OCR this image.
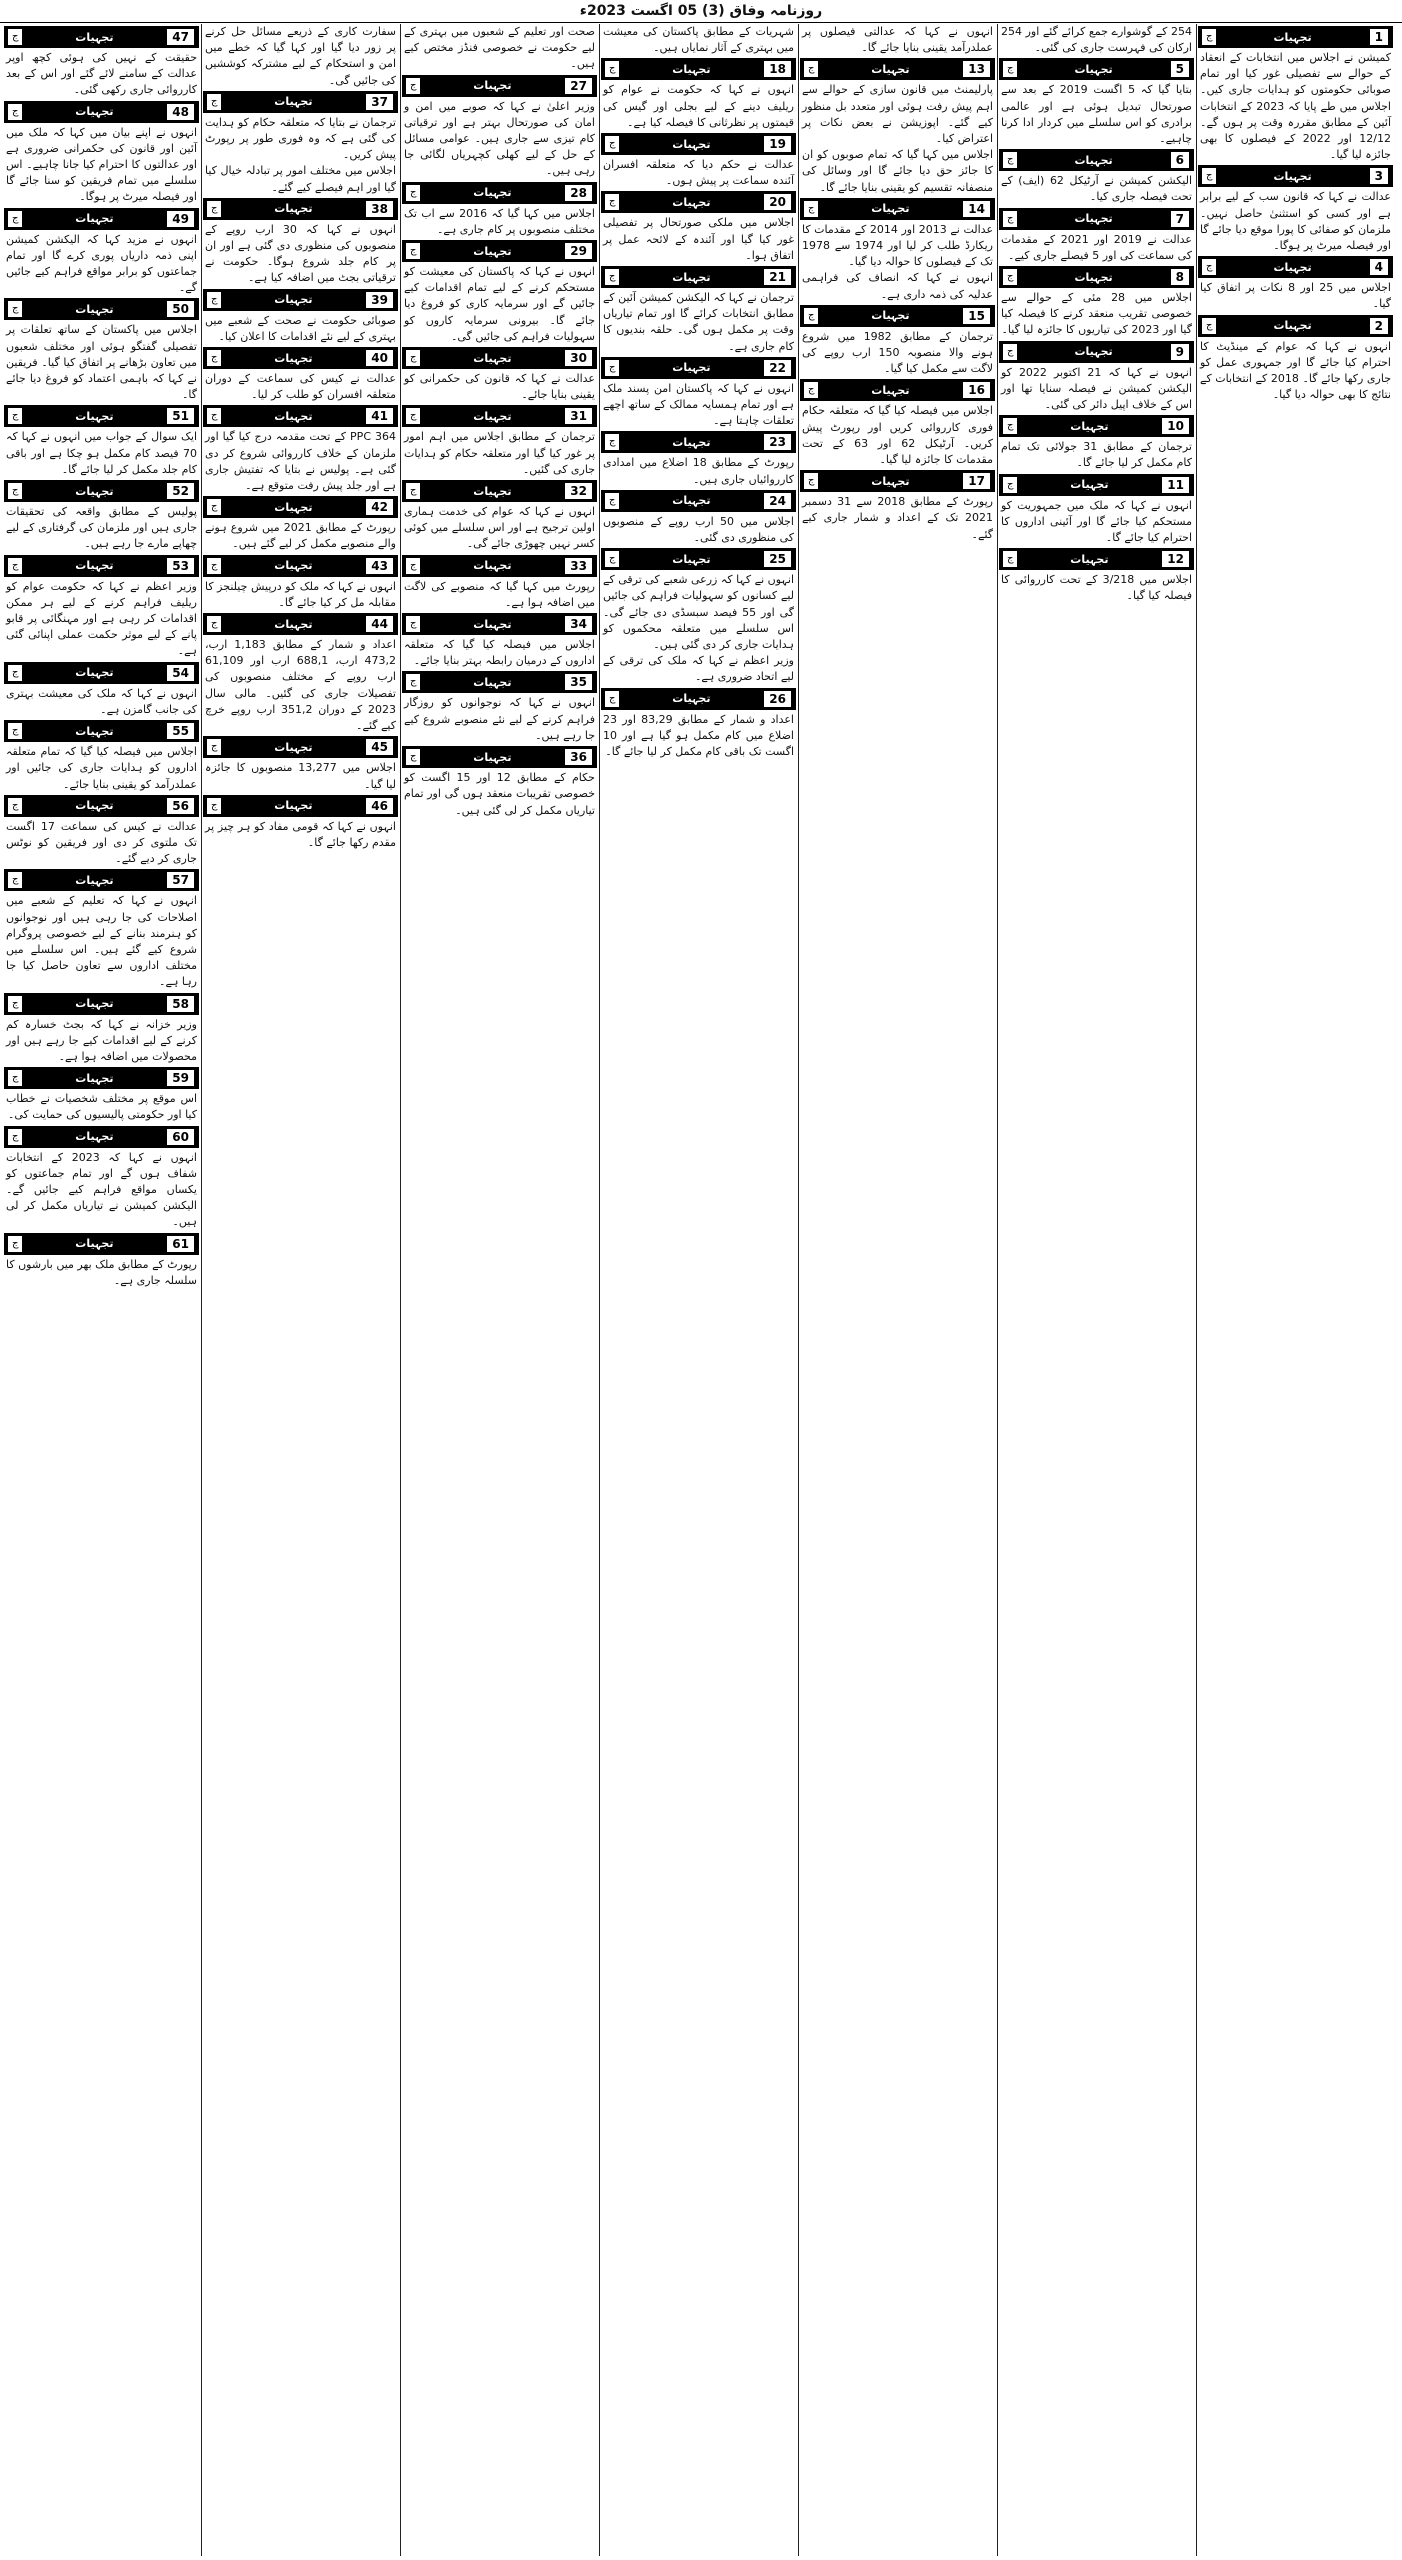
روزنامہ وفاق (3) 05 اگست 2023ء
47
تجہیات
ج

حقیقت کے نہیں کی ہوئی کچھ اوپر عدالت کے سامنے لائے گئے اور اس کے بعد کارروائی جاری رکھی گئی۔

48
تجہیات
ج

انہوں نے اپنے بیان میں کہا کہ ملک میں آئین اور قانون کی حکمرانی ضروری ہے اور عدالتوں کا احترام کیا جانا چاہیے۔ اس سلسلے میں تمام فریقین کو سنا جائے گا اور فیصلہ میرٹ پر ہوگا۔

49
تجہیات
ج

انہوں نے مزید کہا کہ الیکشن کمیشن اپنی ذمہ داریاں پوری کرے گا اور تمام جماعتوں کو برابر مواقع فراہم کیے جائیں گے۔

50
تجہیات
ج

اجلاس میں پاکستان کے ساتھ تعلقات پر تفصیلی گفتگو ہوئی اور مختلف شعبوں میں تعاون بڑھانے پر اتفاق کیا گیا۔ فریقین نے کہا کہ باہمی اعتماد کو فروغ دیا جائے گا۔

51
تجہیات
ج

ایک سوال کے جواب میں انہوں نے کہا کہ 70 فیصد کام مکمل ہو چکا ہے اور باقی کام جلد مکمل کر لیا جائے گا۔

52
تجہیات
ج

پولیس کے مطابق واقعہ کی تحقیقات جاری ہیں اور ملزمان کی گرفتاری کے لیے چھاپے مارے جا رہے ہیں۔

53
تجہیات
ج

وزیر اعظم نے کہا کہ حکومت عوام کو ریلیف فراہم کرنے کے لیے ہر ممکن اقدامات کر رہی ہے اور مہنگائی پر قابو پانے کے لیے موثر حکمت عملی اپنائی گئی ہے۔

54
تجہیات
ج

انہوں نے کہا کہ ملک کی معیشت بہتری کی جانب گامزن ہے۔

55
تجہیات
ج

اجلاس میں فیصلہ کیا گیا کہ تمام متعلقہ اداروں کو ہدایات جاری کی جائیں اور عملدرآمد کو یقینی بنایا جائے۔

56
تجہیات
ج

عدالت نے کیس کی سماعت 17 اگست تک ملتوی کر دی اور فریقین کو نوٹس جاری کر دیے گئے۔

57
تجہیات
ج

انہوں نے کہا کہ تعلیم کے شعبے میں اصلاحات کی جا رہی ہیں اور نوجوانوں کو ہنرمند بنانے کے لیے خصوصی پروگرام شروع کیے گئے ہیں۔ اس سلسلے میں مختلف اداروں سے تعاون حاصل کیا جا رہا ہے۔

58
تجہیات
ج

وزیر خزانہ نے کہا کہ بجٹ خسارہ کم کرنے کے لیے اقدامات کیے جا رہے ہیں اور محصولات میں اضافہ ہوا ہے۔

59
تجہیات
ج

اس موقع پر مختلف شخصیات نے خطاب کیا اور حکومتی پالیسیوں کی حمایت کی۔

60
تجہیات
ج

انہوں نے کہا کہ 2023 کے انتخابات شفاف ہوں گے اور تمام جماعتوں کو یکساں مواقع فراہم کیے جائیں گے۔ الیکشن کمیشن نے تیاریاں مکمل کر لی ہیں۔

61
تجہیات
ج

رپورٹ کے مطابق ملک بھر میں بارشوں کا سلسلہ جاری ہے۔

سفارت کاری کے ذریعے مسائل حل کرنے پر زور دیا گیا اور کہا گیا کہ خطے میں امن و استحکام کے لیے مشترکہ کوششیں کی جائیں گی۔

37
تجہیات
ج

ترجمان نے بتایا کہ متعلقہ حکام کو ہدایت کی گئی ہے کہ وہ فوری طور پر رپورٹ پیش کریں۔

اجلاس میں مختلف امور پر تبادلہ خیال کیا گیا اور اہم فیصلے کیے گئے۔

38
تجہیات
ج

انہوں نے کہا کہ 30 ارب روپے کے منصوبوں کی منظوری دی گئی ہے اور ان پر کام جلد شروع ہوگا۔ حکومت نے ترقیاتی بجٹ میں اضافہ کیا ہے۔

39
تجہیات
ج

صوبائی حکومت نے صحت کے شعبے میں بہتری کے لیے نئے اقدامات کا اعلان کیا۔

40
تجہیات
ج

عدالت نے کیس کی سماعت کے دوران متعلقہ افسران کو طلب کر لیا۔

41
تجہیات
ج

PPC 364 کے تحت مقدمہ درج کیا گیا اور ملزمان کے خلاف کارروائی شروع کر دی گئی ہے۔ پولیس نے بتایا کہ تفتیش جاری ہے اور جلد پیش رفت متوقع ہے۔

42
تجہیات
ج

رپورٹ کے مطابق 2021 میں شروع ہونے والے منصوبے مکمل کر لیے گئے ہیں۔

43
تجہیات
ج

انہوں نے کہا کہ ملک کو درپیش چیلنجز کا مقابلہ مل کر کیا جائے گا۔

44
تجہیات
ج

اعداد و شمار کے مطابق 1,183 ارب، 473,2 ارب، 688,1 ارب اور 61,109 ارب روپے کے مختلف منصوبوں کی تفصیلات جاری کی گئیں۔ مالی سال 2023 کے دوران 351,2 ارب روپے خرچ کیے گئے۔

45
تجہیات
ج

اجلاس میں 13,277 منصوبوں کا جائزہ لیا گیا۔

46
تجہیات
ج

انہوں نے کہا کہ قومی مفاد کو ہر چیز پر مقدم رکھا جائے گا۔

صحت اور تعلیم کے شعبوں میں بہتری کے لیے حکومت نے خصوصی فنڈز مختص کیے ہیں۔

27
تجہیات
ج

وزیر اعلیٰ نے کہا کہ صوبے میں امن و امان کی صورتحال بہتر ہے اور ترقیاتی کام تیزی سے جاری ہیں۔ عوامی مسائل کے حل کے لیے کھلی کچہریاں لگائی جا رہی ہیں۔

28
تجہیات
ج

اجلاس میں کہا گیا کہ 2016 سے اب تک مختلف منصوبوں پر کام جاری ہے۔

29
تجہیات
ج

انہوں نے کہا کہ پاکستان کی معیشت کو مستحکم کرنے کے لیے تمام اقدامات کیے جائیں گے اور سرمایہ کاری کو فروغ دیا جائے گا۔ بیرونی سرمایہ کاروں کو سہولیات فراہم کی جائیں گی۔

30
تجہیات
ج

عدالت نے کہا کہ قانون کی حکمرانی کو یقینی بنایا جائے۔

31
تجہیات
ج

ترجمان کے مطابق اجلاس میں اہم امور پر غور کیا گیا اور متعلقہ حکام کو ہدایات جاری کی گئیں۔

32
تجہیات
ج

انہوں نے کہا کہ عوام کی خدمت ہماری اولین ترجیح ہے اور اس سلسلے میں کوئی کسر نہیں چھوڑی جائے گی۔

33
تجہیات
ج

رپورٹ میں کہا گیا کہ منصوبے کی لاگت میں اضافہ ہوا ہے۔

34
تجہیات
ج

اجلاس میں فیصلہ کیا گیا کہ متعلقہ اداروں کے درمیان رابطہ بہتر بنایا جائے۔

35
تجہیات
ج

انہوں نے کہا کہ نوجوانوں کو روزگار فراہم کرنے کے لیے نئے منصوبے شروع کیے جا رہے ہیں۔

36
تجہیات
ج

حکام کے مطابق 12 اور 15 اگست کو خصوصی تقریبات منعقد ہوں گی اور تمام تیاریاں مکمل کر لی گئی ہیں۔

شہریات کے مطابق پاکستان کی معیشت میں بہتری کے آثار نمایاں ہیں۔

18
تجہیات
ج

انہوں نے کہا کہ حکومت نے عوام کو ریلیف دینے کے لیے بجلی اور گیس کی قیمتوں پر نظرثانی کا فیصلہ کیا ہے۔

19
تجہیات
ج

عدالت نے حکم دیا کہ متعلقہ افسران آئندہ سماعت پر پیش ہوں۔

20
تجہیات
ج

اجلاس میں ملکی صورتحال پر تفصیلی غور کیا گیا اور آئندہ کے لائحہ عمل پر اتفاق ہوا۔

21
تجہیات
ج

ترجمان نے کہا کہ الیکشن کمیشن آئین کے مطابق انتخابات کرائے گا اور تمام تیاریاں وقت پر مکمل ہوں گی۔ حلقہ بندیوں کا کام جاری ہے۔

22
تجہیات
ج

انہوں نے کہا کہ پاکستان امن پسند ملک ہے اور تمام ہمسایہ ممالک کے ساتھ اچھے تعلقات چاہتا ہے۔

23
تجہیات
ج

رپورٹ کے مطابق 18 اضلاع میں امدادی کارروائیاں جاری ہیں۔

24
تجہیات
ج

اجلاس میں 50 ارب روپے کے منصوبوں کی منظوری دی گئی۔

25
تجہیات
ج

انہوں نے کہا کہ زرعی شعبے کی ترقی کے لیے کسانوں کو سہولیات فراہم کی جائیں گی اور 55 فیصد سبسڈی دی جائے گی۔ اس سلسلے میں متعلقہ محکموں کو ہدایات جاری کر دی گئی ہیں۔

وزیر اعظم نے کہا کہ ملک کی ترقی کے لیے اتحاد ضروری ہے۔

26
تجہیات
ج

اعداد و شمار کے مطابق 83,29 اور 23 اضلاع میں کام مکمل ہو گیا ہے اور 10 اگست تک باقی کام مکمل کر لیا جائے گا۔

انہوں نے کہا کہ عدالتی فیصلوں پر عملدرآمد یقینی بنایا جائے گا۔

13
تجہیات
ج

پارلیمنٹ میں قانون سازی کے حوالے سے اہم پیش رفت ہوئی اور متعدد بل منظور کیے گئے۔ اپوزیشن نے بعض نکات پر اعتراض کیا۔

اجلاس میں کہا گیا کہ تمام صوبوں کو ان کا جائز حق دیا جائے گا اور وسائل کی منصفانہ تقسیم کو یقینی بنایا جائے گا۔

14
تجہیات
ج

عدالت نے 2013 اور 2014 کے مقدمات کا ریکارڈ طلب کر لیا اور 1974 سے 1978 تک کے فیصلوں کا حوالہ دیا گیا۔

انہوں نے کہا کہ انصاف کی فراہمی عدلیہ کی ذمہ داری ہے۔

15
تجہیات
ج

ترجمان کے مطابق 1982 میں شروع ہونے والا منصوبہ 150 ارب روپے کی لاگت سے مکمل کیا گیا۔

16
تجہیات
ج

اجلاس میں فیصلہ کیا گیا کہ متعلقہ حکام فوری کارروائی کریں اور رپورٹ پیش کریں۔ آرٹیکل 62 اور 63 کے تحت مقدمات کا جائزہ لیا گیا۔

17
تجہیات
ج

رپورٹ کے مطابق 2018 سے 31 دسمبر 2021 تک کے اعداد و شمار جاری کیے گئے۔

254 کے گوشوارے جمع کرائے گئے اور 254 ارکان کی فہرست جاری کی گئی۔

5
تجہیات
ج

بتایا گیا کہ 5 اگست 2019 کے بعد سے صورتحال تبدیل ہوئی ہے اور عالمی برادری کو اس سلسلے میں کردار ادا کرنا چاہیے۔

6
تجہیات
ج

الیکشن کمیشن نے آرٹیکل 62 (ایف) کے تحت فیصلہ جاری کیا۔

7
تجہیات
ج

عدالت نے 2019 اور 2021 کے مقدمات کی سماعت کی اور 5 فیصلے جاری کیے۔

8
تجہیات
ج

اجلاس میں 28 مئی کے حوالے سے خصوصی تقریب منعقد کرنے کا فیصلہ کیا گیا اور 2023 کی تیاریوں کا جائزہ لیا گیا۔

9
تجہیات
ج

انہوں نے کہا کہ 21 اکتوبر 2022 کو الیکشن کمیشن نے فیصلہ سنایا تھا اور اس کے خلاف اپیل دائر کی گئی۔

10
تجہیات
ج

ترجمان کے مطابق 31 جولائی تک تمام کام مکمل کر لیا جائے گا۔

11
تجہیات
ج

انہوں نے کہا کہ ملک میں جمہوریت کو مستحکم کیا جائے گا اور آئینی اداروں کا احترام کیا جائے گا۔

12
تجہیات
ج

اجلاس میں 3/218 کے تحت کارروائی کا فیصلہ کیا گیا۔

1
تجہیات
ج

کمیشن نے اجلاس میں انتخابات کے انعقاد کے حوالے سے تفصیلی غور کیا اور تمام صوبائی حکومتوں کو ہدایات جاری کیں۔ اجلاس میں طے پایا کہ 2023 کے انتخابات آئین کے مطابق مقررہ وقت پر ہوں گے۔ 12/12 اور 2022 کے فیصلوں کا بھی جائزہ لیا گیا۔

3
تجہیات
ج

عدالت نے کہا کہ قانون سب کے لیے برابر ہے اور کسی کو استثنیٰ حاصل نہیں۔ ملزمان کو صفائی کا پورا موقع دیا جائے گا اور فیصلہ میرٹ پر ہوگا۔

4
تجہیات
ج

اجلاس میں 25 اور 8 نکات پر اتفاق کیا گیا۔

2
تجہیات
ج

انہوں نے کہا کہ عوام کے مینڈیٹ کا احترام کیا جائے گا اور جمہوری عمل کو جاری رکھا جائے گا۔ 2018 کے انتخابات کے نتائج کا بھی حوالہ دیا گیا۔
